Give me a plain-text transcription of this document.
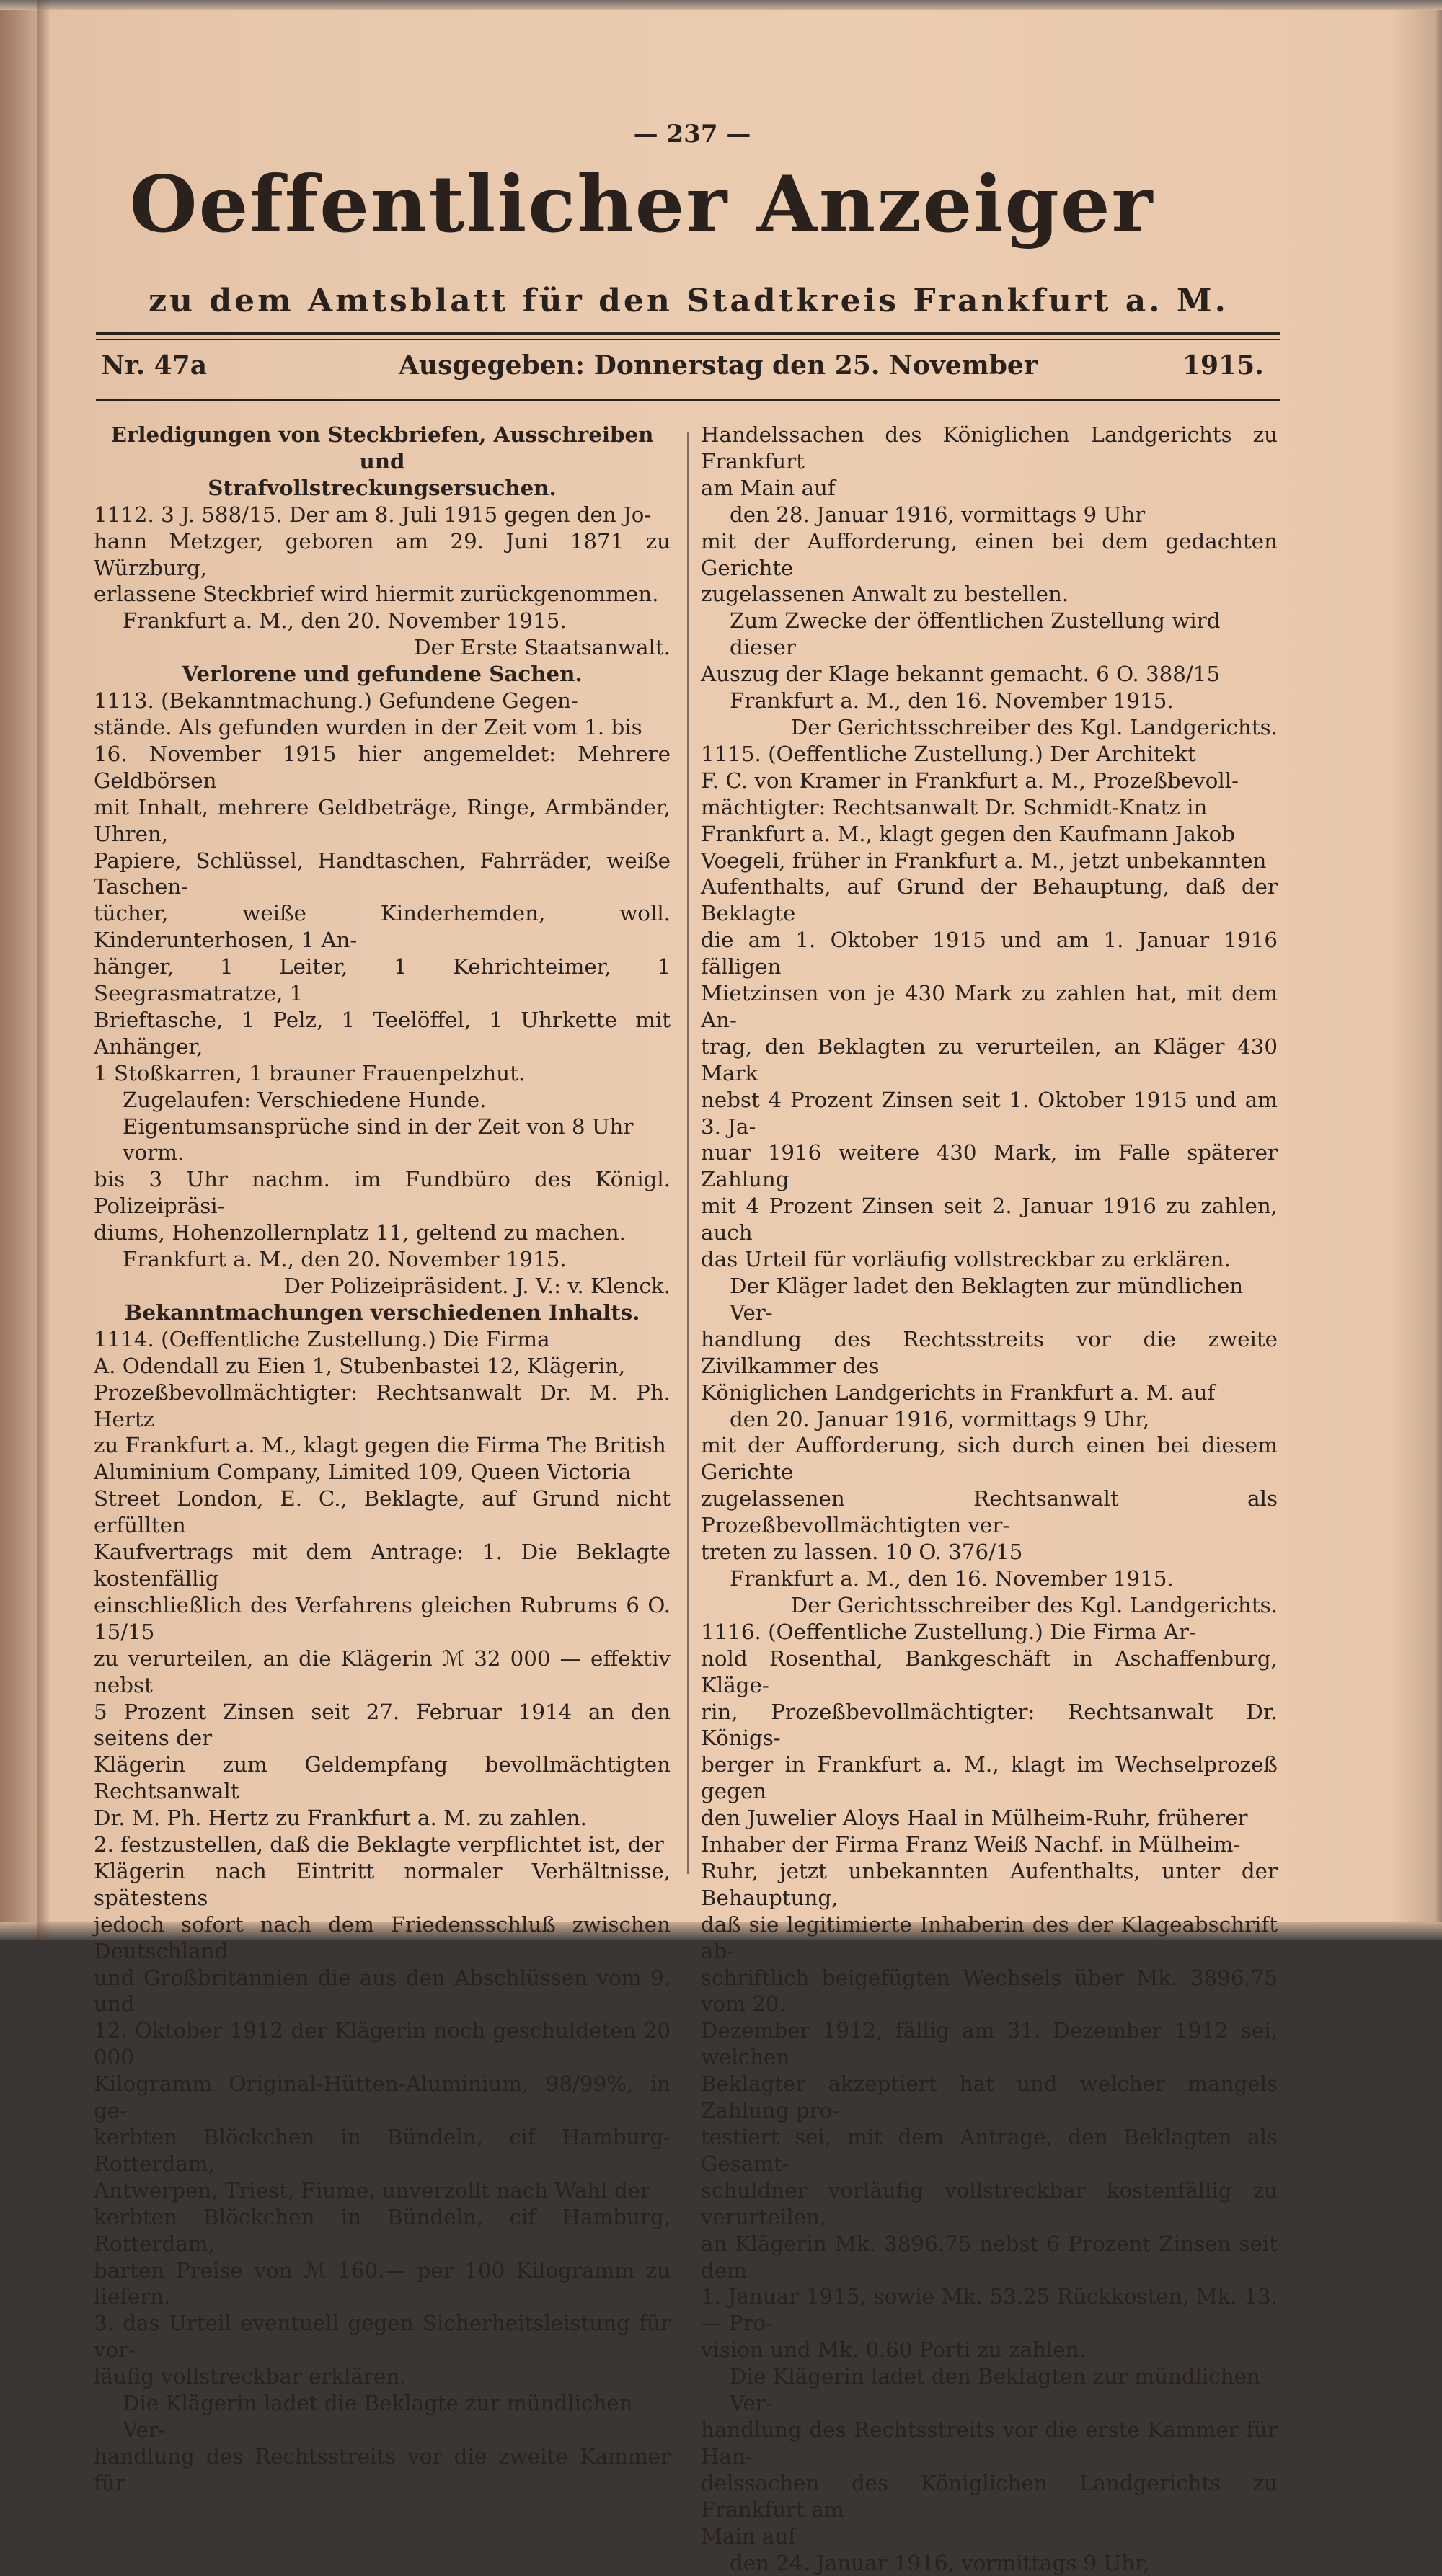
— 237 —
Oeffentlicher Anzeiger
zu dem Amtsblatt für den Stadtkreis Frankfurt a. M.
Nr. 47a	Ausgegeben: Donnerstag den 25. November	1915.

Erledigungen von Steckbriefen, Ausschreiben und

Strafvollstreckungsersuchen.

1112. 3 J. 588/15. Der am 8. Juli 1915 gegen den Jo-

hann Metzger, geboren am 29. Juni 1871 zu Würzburg,

erlassene Steckbrief wird hiermit zurückgenommen.

Frankfurt a. M., den 20. November 1915.

Der Erste Staatsanwalt.

Verlorene und gefundene Sachen.

1113. (Bekanntmachung.) Gefundene Gegen-

stände. Als gefunden wurden in der Zeit vom 1. bis

16. November 1915 hier angemeldet: Mehrere Geldbörsen

mit Inhalt, mehrere Geldbeträge, Ringe, Armbänder, Uhren,

Papiere, Schlüssel, Handtaschen, Fahrräder, weiße Taschen-

tücher, weiße Kinderhemden, woll. Kinderunterhosen, 1 An-

hänger, 1 Leiter, 1 Kehrichteimer, 1 Seegrasmatratze, 1

Brieftasche, 1 Pelz, 1 Teelöffel, 1 Uhrkette mit Anhänger,

1 Stoßkarren, 1 brauner Frauenpelzhut.

Zugelaufen: Verschiedene Hunde.

Eigentumsansprüche sind in der Zeit von 8 Uhr vorm.

bis 3 Uhr nachm. im Fundbüro des Königl. Polizeipräsi-

diums, Hohenzollernplatz 11, geltend zu machen.

Frankfurt a. M., den 20. November 1915.

Der Polizeipräsident. J. V.: v. Klenck.

Bekanntmachungen verschiedenen Inhalts.

1114. (Oeffentliche Zustellung.) Die Firma

A. Odendall zu Eien 1, Stubenbastei 12, Klägerin,

Prozeßbevollmächtigter: Rechtsanwalt Dr. M. Ph. Hertz

zu Frankfurt a. M., klagt gegen die Firma The British

Aluminium Company, Limited 109, Queen Victoria

Street London, E. C., Beklagte, auf Grund nicht erfüllten

Kaufvertrags mit dem Antrage: 1. Die Beklagte kostenfällig

einschließlich des Verfahrens gleichen Rubrums 6 O. 15/15

zu verurteilen, an die Klägerin ℳ 32 000 — effektiv nebst

5 Prozent Zinsen seit 27. Februar 1914 an den seitens der

Klägerin zum Geldempfang bevollmächtigten Rechtsanwalt

Dr. M. Ph. Hertz zu Frankfurt a. M. zu zahlen.

2. festzustellen, daß die Beklagte verpflichtet ist, der

Klägerin nach Eintritt normaler Verhältnisse, spätestens

jedoch sofort nach dem Friedensschluß zwischen Deutschland

und Großbritannien die aus den Abschlüssen vom 9. und

12. Oktober 1912 der Klägerin noch geschuldeten 20 000

Kilogramm Original-Hütten-Aluminium, 98/99%, in ge-

kerbten Blöckchen in Bündeln, cif Hamburg-Rotterdam,

Antwerpen, Triest, Fiume, unverzollt nach Wahl der

kerbten Blöckchen in Bündeln, cif Hamburg, Rotterdam,

barten Preise von ℳ 160.— per 100 Kilogramm zu liefern.

3. das Urteil eventuell gegen Sicherheitsleistung für vor-

läufig vollstreckbar erklären.

Die Klägerin ladet die Beklagte zur mündlichen Ver-

handlung des Rechtsstreits vor die zweite Kammer für

Handelssachen des Königlichen Landgerichts zu Frankfurt

am Main auf

den 28. Januar 1916, vormittags 9 Uhr

mit der Aufforderung, einen bei dem gedachten Gerichte

zugelassenen Anwalt zu bestellen.

Zum Zwecke der öffentlichen Zustellung wird dieser

Auszug der Klage bekannt gemacht. 6 O. 388/15

Frankfurt a. M., den 16. November 1915.

Der Gerichtsschreiber des Kgl. Landgerichts.

1115. (Oeffentliche Zustellung.) Der Architekt

F. C. von Kramer in Frankfurt a. M., Prozeßbevoll-

mächtigter: Rechtsanwalt Dr. Schmidt-Knatz in

Frankfurt a. M., klagt gegen den Kaufmann Jakob

Voegeli, früher in Frankfurt a. M., jetzt unbekannten

Aufenthalts, auf Grund der Behauptung, daß der Beklagte

die am 1. Oktober 1915 und am 1. Januar 1916 fälligen

Mietzinsen von je 430 Mark zu zahlen hat, mit dem An-

trag, den Beklagten zu verurteilen, an Kläger 430 Mark

nebst 4 Prozent Zinsen seit 1. Oktober 1915 und am 3. Ja-

nuar 1916 weitere 430 Mark, im Falle späterer Zahlung

mit 4 Prozent Zinsen seit 2. Januar 1916 zu zahlen, auch

das Urteil für vorläufig vollstreckbar zu erklären.

Der Kläger ladet den Beklagten zur mündlichen Ver-

handlung des Rechtsstreits vor die zweite Zivilkammer des

Königlichen Landgerichts in Frankfurt a. M. auf

den 20. Januar 1916, vormittags 9 Uhr,

mit der Aufforderung, sich durch einen bei diesem Gerichte

zugelassenen Rechtsanwalt als Prozeßbevollmächtigten ver-

treten zu lassen. 10 O. 376/15

Frankfurt a. M., den 16. November 1915.

Der Gerichtsschreiber des Kgl. Landgerichts.

1116. (Oeffentliche Zustellung.) Die Firma Ar-

nold Rosenthal, Bankgeschäft in Aschaffenburg, Kläge-

rin, Prozeßbevollmächtigter: Rechtsanwalt Dr. Königs-

berger in Frankfurt a. M., klagt im Wechselprozeß gegen

den Juwelier Aloys Haal in Mülheim-Ruhr, früherer

Inhaber der Firma Franz Weiß Nachf. in Mülheim-

Ruhr, jetzt unbekannten Aufenthalts, unter der Behauptung,

daß sie legitimierte Inhaberin des der Klageabschrift ab-

schriftlich beigefügten Wechsels über Mk. 3896.75 vom 20.

Dezember 1912, fällig am 31. Dezember 1912 sei, welchen

Beklagter akzeptiert hat und welcher mangels Zahlung pro-

testiert sei, mit dem Antrage, den Beklagten als Gesamt-

schuldner vorläufig vollstreckbar kostenfällig zu verurteilen,

an Klägerin Mk. 3896.75 nebst 6 Prozent Zinsen seit dem

1. Januar 1915, sowie Mk. 53.25 Rückkosten, Mk. 13.— Pro-

vision und Mk. 0.60 Porti zu zahlen.

Die Klägerin ladet den Beklagten zur mündlichen Ver-

handlung des Rechtsstreits vor die erste Kammer für Han-

delssachen des Königlichen Landgerichts zu Frankfurt am

Main auf

den 24. Januar 1916, vormittags 9 Uhr,
